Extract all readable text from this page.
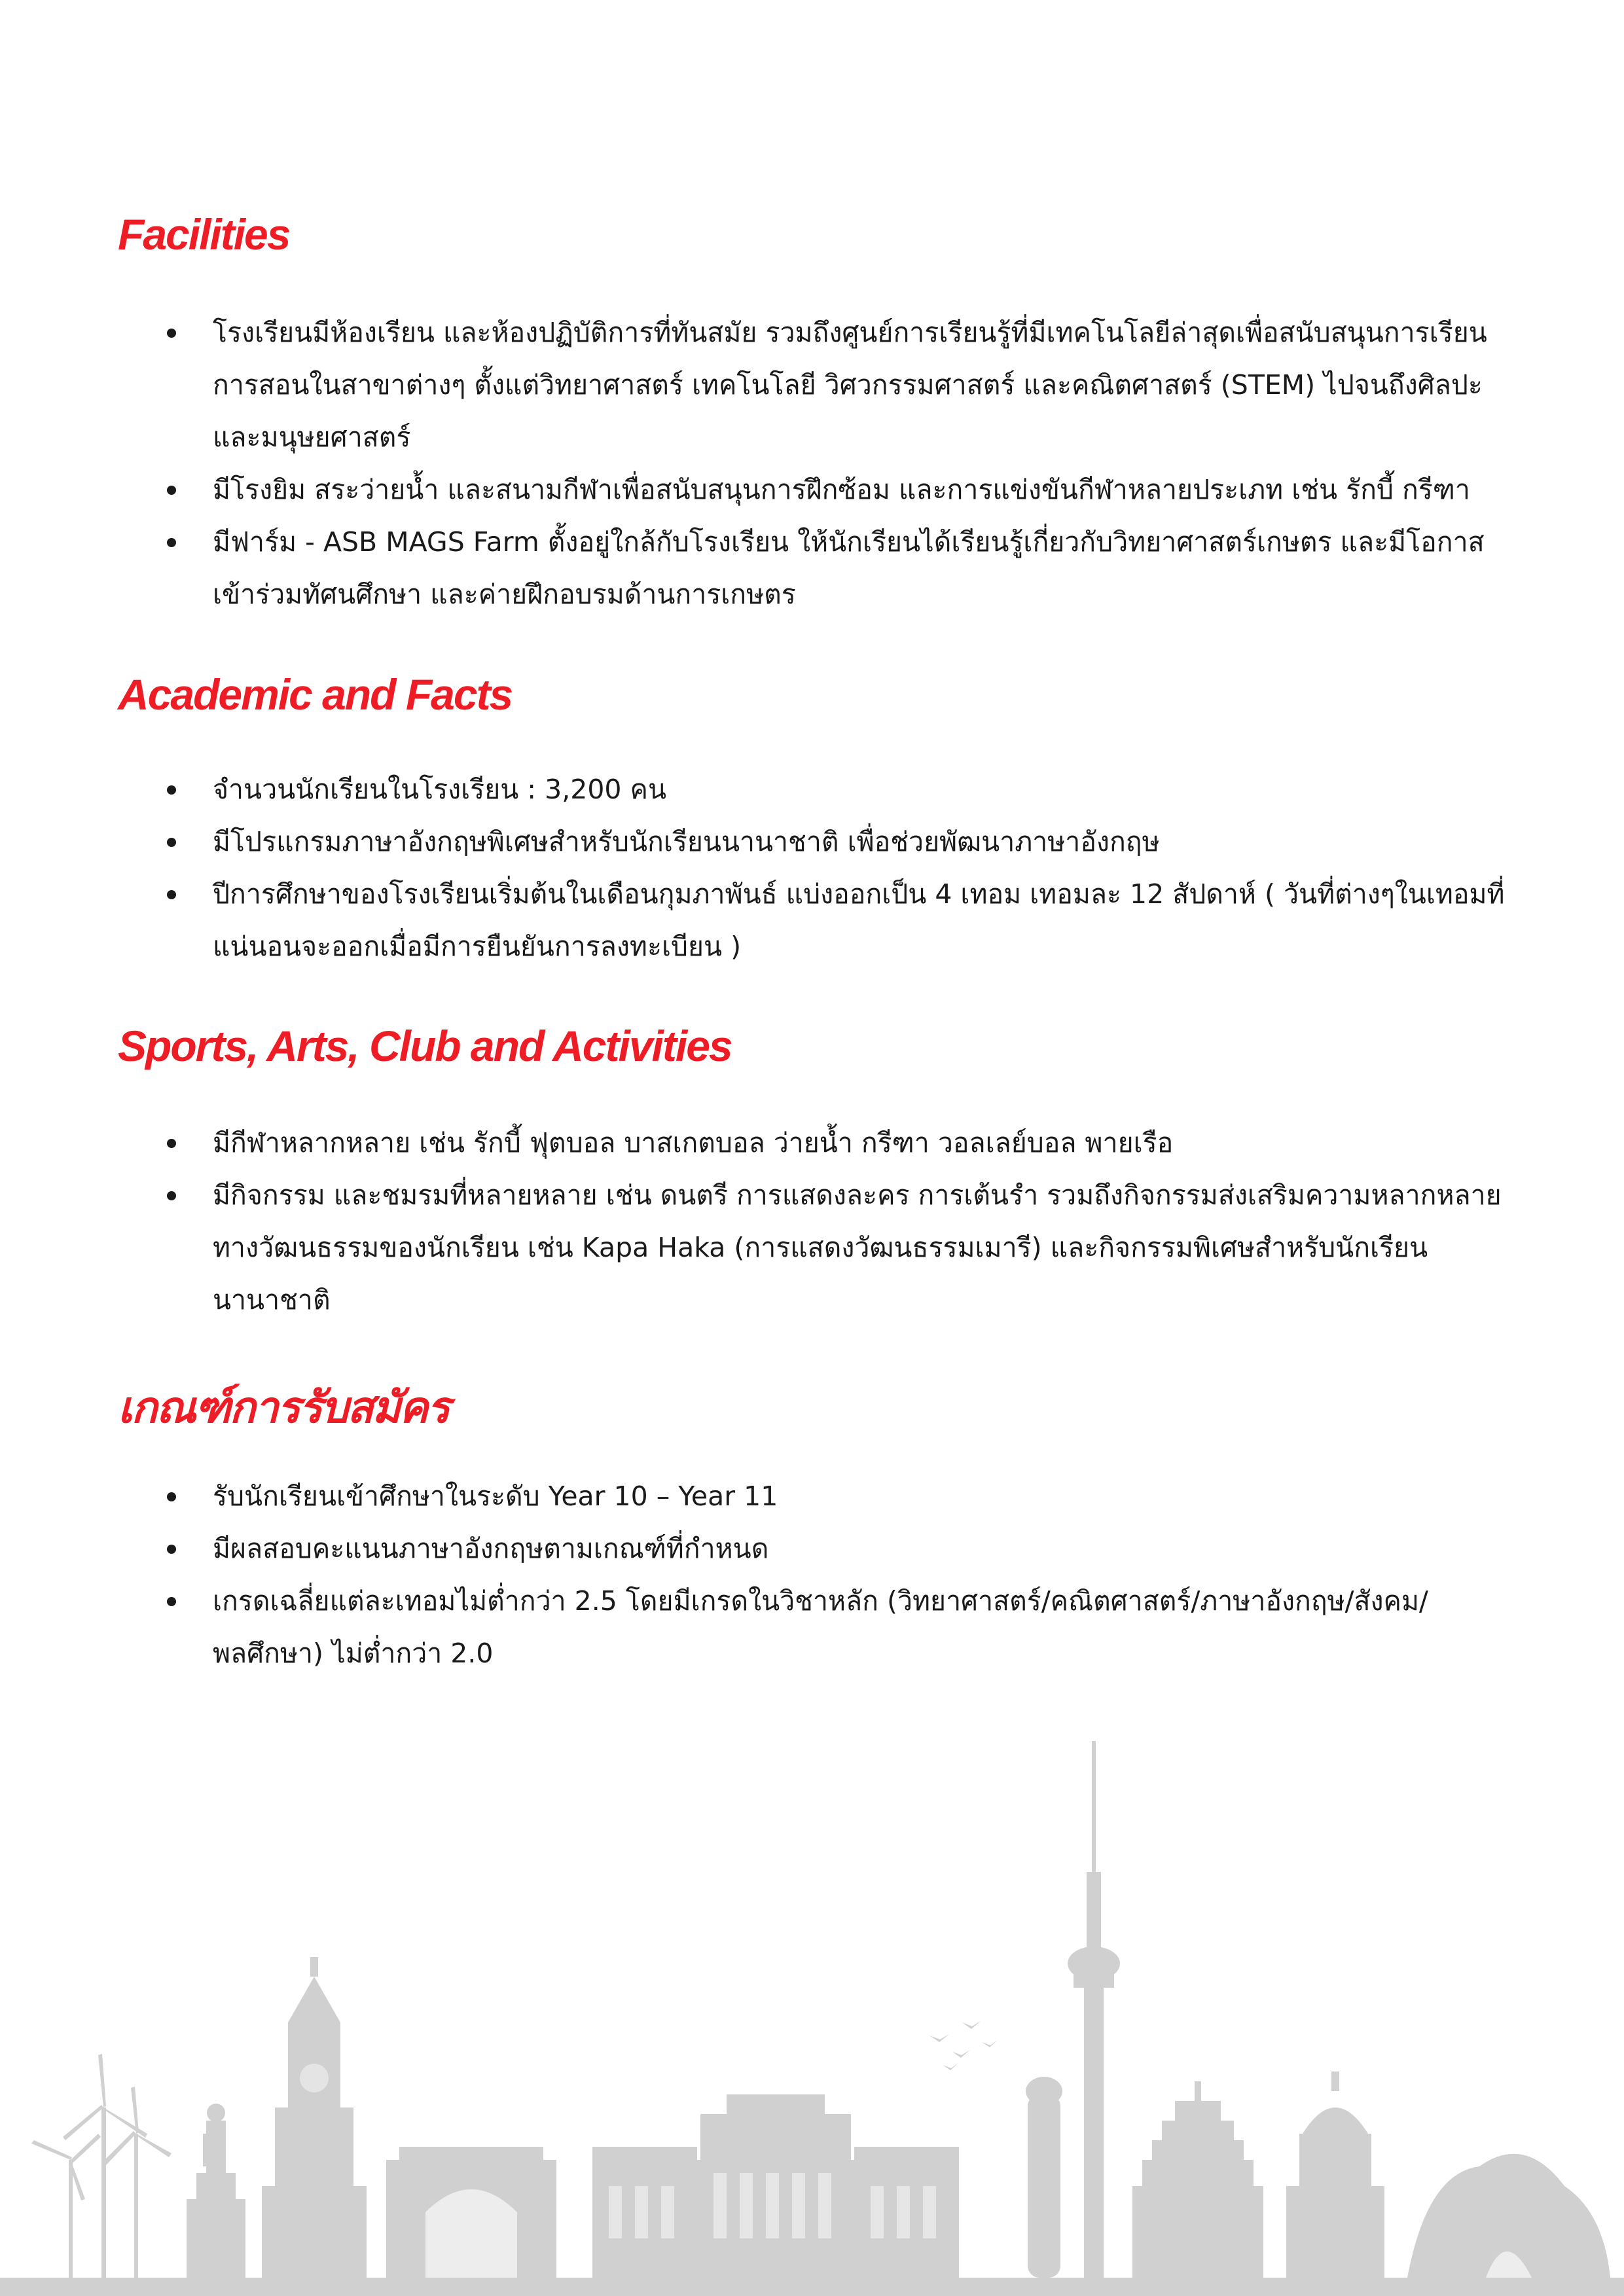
Facilities
โรงเรียนมีห้องเรียน และห้องปฏิบัติการที่ทันสมัย รวมถึงศูนย์การเรียนรู้ที่มีเทคโนโลยีล่าสุดเพื่อสนับสนุนการเรียนการสอนในสาขาต่างๆ ตั้งแต่วิทยาศาสตร์ เทคโนโลยี วิศวกรรมศาสตร์ และคณิตศาสตร์ (STEM) ไปจนถึงศิลปะ และมนุษยศาสตร์
มีโรงยิม สระว่ายน้ำ และสนามกีฬาเพื่อสนับสนุนการฝึกซ้อม และการแข่งขันกีฬาหลายประเภท เช่น รักบี้ กรีฑา
มีฟาร์ม - ASB MAGS Farm ตั้งอยู่ใกล้กับโรงเรียน ให้นักเรียนได้เรียนรู้เกี่ยวกับวิทยาศาสตร์เกษตร และมีโอกาสเข้าร่วมทัศนศึกษา และค่ายฝึกอบรมด้านการเกษตร
Academic and Facts
จำนวนนักเรียนในโรงเรียน : 3,200 คน
มีโปรแกรมภาษาอังกฤษพิเศษสำหรับนักเรียนนานาชาติ เพื่อช่วยพัฒนาภาษาอังกฤษ
ปีการศึกษาของโรงเรียนเริ่มต้นในเดือนกุมภาพันธ์ แบ่งออกเป็น 4 เทอม เทอมละ 12 สัปดาห์ ( วันที่ต่างๆในเทอมที่แน่นอนจะออกเมื่อมีการยืนยันการลงทะเบียน )
Sports, Arts, Club and Activities
มีกีฬาหลากหลาย เช่น รักบี้ ฟุตบอล บาสเกตบอล ว่ายน้ำ กรีฑา วอลเลย์บอล พายเรือ
มีกิจกรรม และชมรมที่หลายหลาย เช่น ดนตรี การแสดงละคร การเต้นรำ รวมถึงกิจกรรมส่งเสริมความหลากหลายทางวัฒนธรรมของนักเรียน เช่น Kapa Haka (การแสดงวัฒนธรรมเมารี) และกิจกรรมพิเศษสำหรับนักเรียนนานาชาติ
เกณฑ์การรับสมัคร
รับนักเรียนเข้าศึกษาในระดับ Year 10 – Year 11
มีผลสอบคะแนนภาษาอังกฤษตามเกณฑ์ที่กำหนด
เกรดเฉลี่ยแต่ละเทอมไม่ต่ำกว่า 2.5 โดยมีเกรดในวิชาหลัก (วิทยาศาสตร์/คณิตศาสตร์/ภาษาอังกฤษ/สังคม/พลศึกษา) ไม่ต่ำกว่า 2.0
